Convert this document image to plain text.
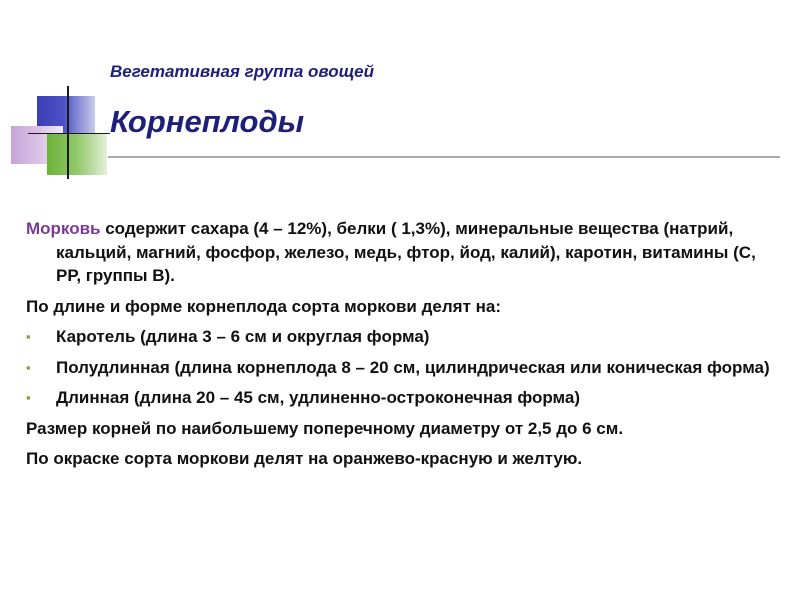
Вегетативная группа овощей
Корнеплоды

Морковь содержит сахара (4 – 12%), белки ( 1,3%), минеральные вещества (натрий, кальций, магний, фосфор, железо, медь, фтор, йод, калий), каротин, витамины (С, РР, группы В).

По длине и форме корнеплода сорта моркови делят на:

▪	Каротель (длина 3 – 6 см и округлая форма)
▪	Полудлинная (длина корнеплода 8 – 20 см, цилиндрическая или коническая форма)
▪	Длинная (длина 20 – 45 см, удлиненно-остроконечная форма)

Размер корней по наибольшему поперечному диаметру от 2,5 до 6 см.

По окраске сорта моркови делят на оранжево-красную и желтую.
